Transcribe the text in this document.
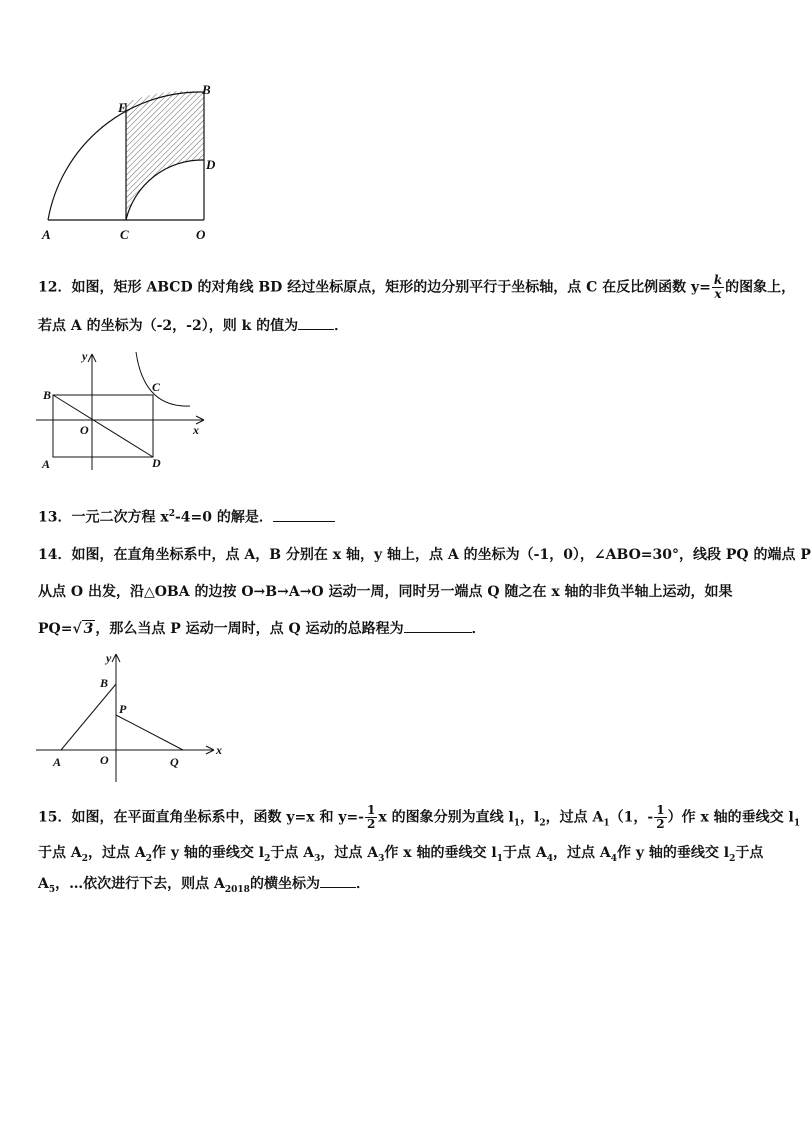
E
B
D
A	C	O
12．如图，矩形 ABCD 的对角线 BD 经过坐标原点，矩形的边分别平行于坐标轴，点 C 在反比例函数 $y= \frac{k}{x}$ 的图象上，
若点 A 的坐标为（-2，-2），则 k 的值为	．
y
x
B
C
O
A	D
13．一元二次方程 $x^2-4=0$ 的解是．
14．如图，在直角坐标系中，点 A，B 分别在 x 轴，y 轴上，点 A 的坐标为（-1，0），∠ABO=30°，线段 PQ 的端点 P
从点 O 出发，沿△OBA 的边按 O→B→A→O 运动一周，同时另一端点 Q 随之在 x 轴的非负半轴上运动，如果
PQ=√ 3 ，那么当点 P 运动一周时，点 Q 运动的总路程为	．
y
B
P
x
A	O	Q
15．如图，在平面直角坐标系中，函数 y=x 和 $y=- \frac{1}{2}$ x 的图象分别为直线 $l_1$，$l_2$，过点 $A_1(1$，- $\frac{1}{2}$ ）作 x 轴的垂线交 $l_1$
于点 $A_2$，过点 $A_2$作 y 轴的垂线交 $l_2$于点 $A_3$，过点 $A_3$作 x 轴的垂线交 $l_1$于点 $A_4$，过点 $A_4$作 y 轴的垂线交 $l_2$于点
$A_5$，…依次进行下去，则点 $A_{2018}$的横坐标为	．
